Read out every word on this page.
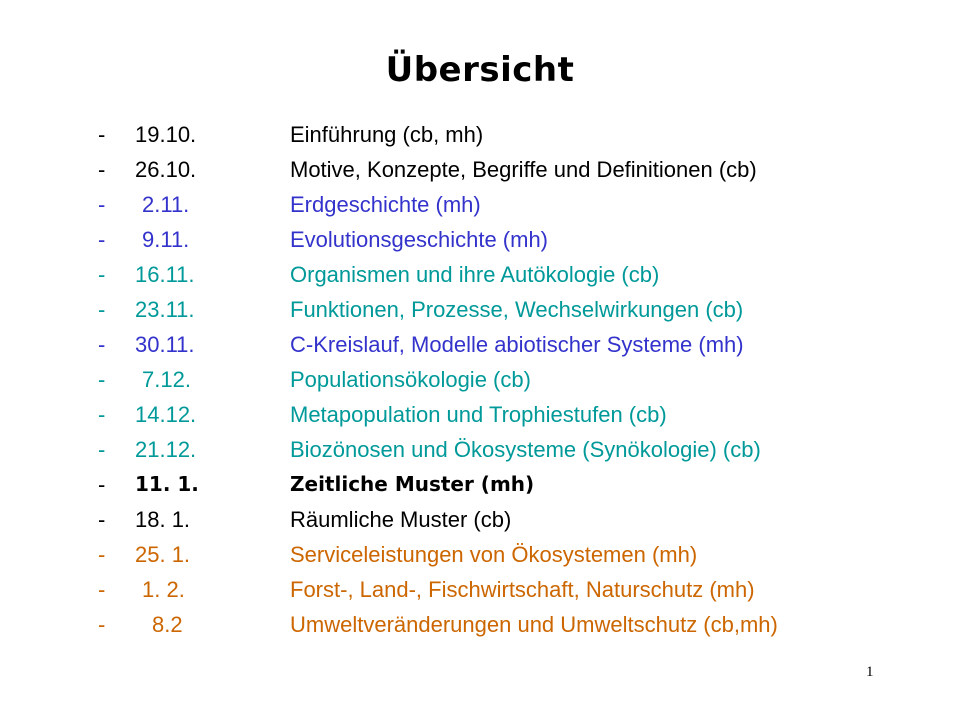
Übersicht
- 19.10.	Einführung (cb, mh)
- 26.10.	Motive, Konzepte, Begriffe und Definitionen (cb)
- 2.11.	Erdgeschichte (mh)
- 9.11.	Evolutionsgeschichte (mh)
- 16.11.	Organismen und ihre Autökologie (cb)
- 23.11.	Funktionen, Prozesse, Wechselwirkungen (cb)
- 30.11.	C-Kreislauf, Modelle abiotischer Systeme (mh)
- 7.12.	Populationsökologie (cb)
- 14.12.	Metapopulation und Trophiestufen (cb)
- 21.12.	Biozönosen und Ökosysteme (Synökologie) (cb)
- 11. 1.	Zeitliche Muster (mh)
- 18. 1.	Räumliche Muster (cb)
- 25. 1.	Serviceleistungen von Ökosystemen (mh)
- 1. 2.	Forst-, Land-, Fischwirtschaft, Naturschutz (mh)
- 8.2	Umweltveränderungen und Umweltschutz (cb,mh)
1
